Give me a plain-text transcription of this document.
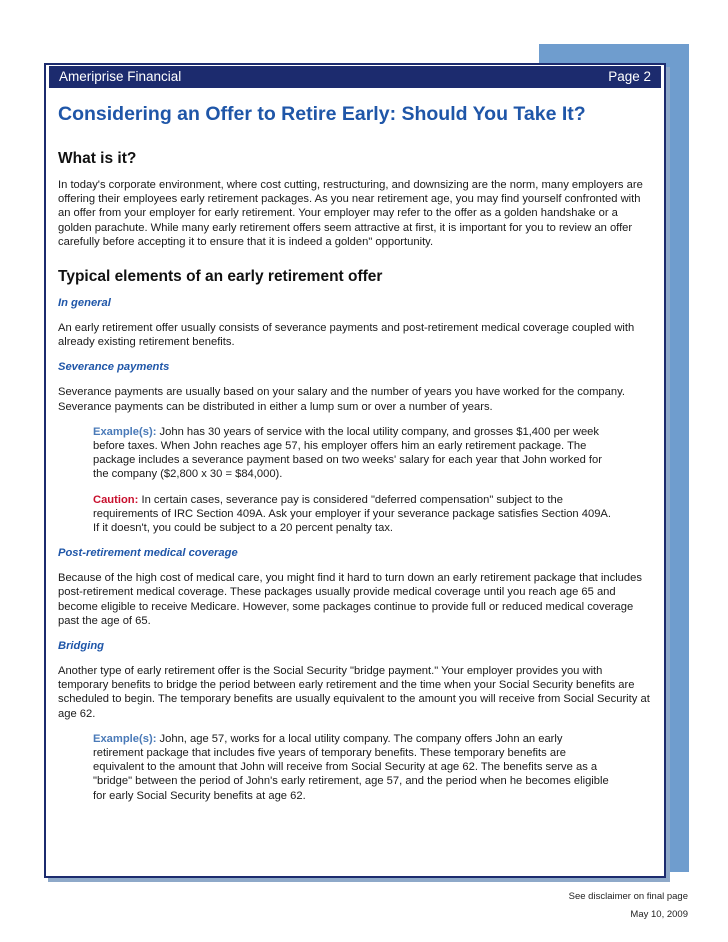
Ameriprise Financial	Page 2
Considering an Offer to Retire Early: Should You Take It?
What is it?

In today's corporate environment, where cost cutting, restructuring, and downsizing are the norm, many employers are offering their employees early retirement packages. As you near retirement age, you may find yourself confronted with an offer from your employer for early retirement. Your employer may refer to the offer as a golden handshake or a golden parachute. While many early retirement offers seem attractive at first, it is important for you to review an offer carefully before accepting it to ensure that it is indeed a golden" opportunity.

Typical elements of an early retirement offer
In general

An early retirement offer usually consists of severance payments and post-retirement medical coverage coupled with already existing retirement benefits.

Severance payments

Severance payments are usually based on your salary and the number of years you have worked for the company. Severance payments can be distributed in either a lump sum or over a number of years.

Example(s): John has 30 years of service with the local utility company, and grosses $1,400 per week before taxes. When John reaches age 57, his employer offers him an early retirement package. The package includes a severance payment based on two weeks' salary for each year that John worked for the company ($2,800 x 30 = $84,000).

Caution: In certain cases, severance pay is considered "deferred compensation" subject to the requirements of IRC Section 409A. Ask your employer if your severance package satisfies Section 409A. If it doesn't, you could be subject to a 20 percent penalty tax.

Post-retirement medical coverage

Because of the high cost of medical care, you might find it hard to turn down an early retirement package that includes post-retirement medical coverage. These packages usually provide medical coverage until you reach age 65 and become eligible to receive Medicare. However, some packages continue to provide full or reduced medical coverage past the age of 65.

Bridging

Another type of early retirement offer is the Social Security "bridge payment." Your employer provides you with temporary benefits to bridge the period between early retirement and the time when your Social Security benefits are scheduled to begin. The temporary benefits are usually equivalent to the amount you will receive from Social Security at age 62.

Example(s): John, age 57, works for a local utility company. The company offers John an early retirement package that includes five years of temporary benefits. These temporary benefits are equivalent to the amount that John will receive from Social Security at age 62. The benefits serve as a "bridge" between the period of John's early retirement, age 57, and the period when he becomes eligible for early Social Security benefits at age 62.

See disclaimer on final page
May 10, 2009
